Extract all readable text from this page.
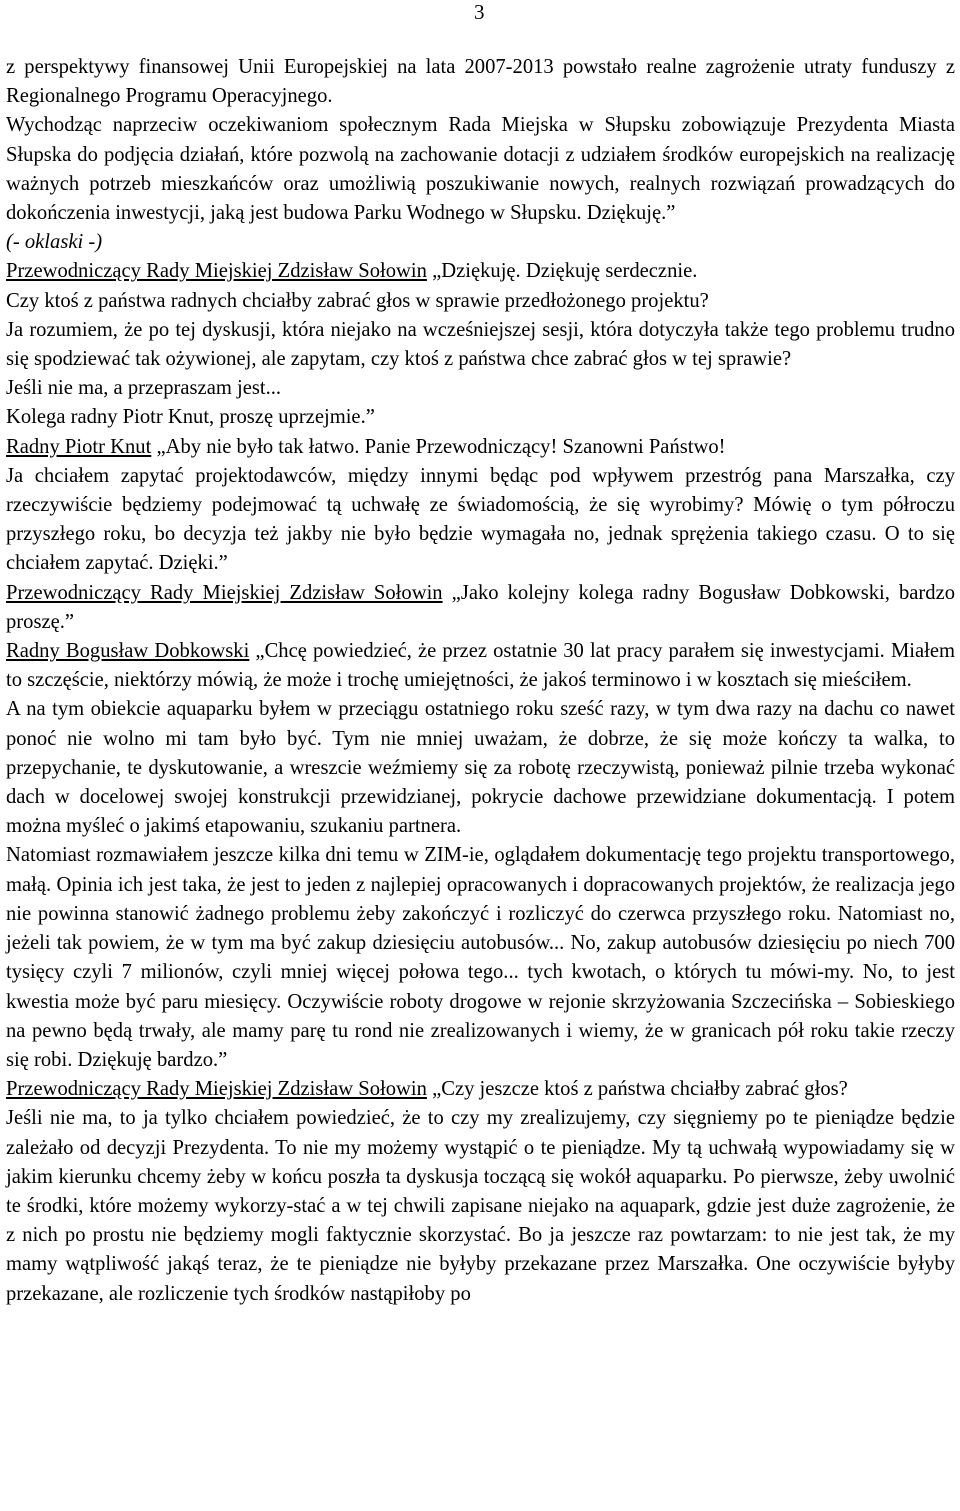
3

z perspektywy finansowej Unii Europejskiej na lata 2007-2013 powstało realne zagrożenie utraty funduszy z Regionalnego Programu Operacyjnego.

Wychodząc naprzeciw oczekiwaniom społecznym Rada Miejska w Słupsku zobowiązuje Prezydenta Miasta Słupska do podjęcia działań, które pozwolą na zachowanie dotacji z udziałem środków europejskich na realizację ważnych potrzeb mieszkańców oraz umożliwią poszukiwanie nowych, realnych rozwiązań prowadzących do dokończenia inwestycji, jaką jest budowa Parku Wodnego w Słupsku. Dziękuję.”

(- oklaski -)

Przewodniczący Rady Miejskiej Zdzisław Sołowin „Dziękuję. Dziękuję serdecznie.

Czy ktoś z państwa radnych chciałby zabrać głos w sprawie przedłożonego projektu?

Ja rozumiem, że po tej dyskusji, która niejako na wcześniejszej sesji, która dotyczyła także tego problemu trudno się spodziewać tak ożywionej, ale zapytam, czy ktoś z państwa chce zabrać głos w tej sprawie?

Jeśli nie ma, a przepraszam jest...

Kolega radny Piotr Knut, proszę uprzejmie.”

Radny Piotr Knut „Aby nie było tak łatwo. Panie Przewodniczący! Szanowni Państwo!

Ja chciałem zapytać projektodawców, między innymi będąc pod wpływem przestróg pana Marszałka, czy rzeczywiście będziemy podejmować tą uchwałę ze świadomością, że się wyrobimy? Mówię o tym półroczu przyszłego roku, bo decyzja też jakby nie było będzie wymagała no, jednak sprężenia takiego czasu. O to się chciałem zapytać. Dzięki.”

Przewodniczący Rady Miejskiej Zdzisław Sołowin „Jako kolejny kolega radny Bogusław Dobkowski, bardzo proszę.”

Radny Bogusław Dobkowski „Chcę powiedzieć, że przez ostatnie 30 lat pracy parałem się inwestycjami. Miałem to szczęście, niektórzy mówią, że może i trochę umiejętności, że jakoś terminowo i w kosztach się mieściłem.

A na tym obiekcie aquaparku byłem w przeciągu ostatniego roku sześć razy, w tym dwa razy na dachu co nawet ponoć nie wolno mi tam było być. Tym nie mniej uważam, że dobrze, że się może kończy ta walka, to przepychanie, te dyskutowanie, a wreszcie weźmiemy się za robotę rzeczywistą, ponieważ pilnie trzeba wykonać dach w docelowej swojej konstrukcji przewidzianej, pokrycie dachowe przewidziane dokumentacją. I potem można myśleć o jakimś etapowaniu, szukaniu partnera.

Natomiast rozmawiałem jeszcze kilka dni temu w ZIM-ie, oglądałem dokumentację tego projektu transportowego, małą. Opinia ich jest taka, że jest to jeden z najlepiej opracowanych i dopracowanych projektów, że realizacja jego nie powinna stanowić żadnego problemu żeby zakończyć i rozliczyć do czerwca przyszłego roku. Natomiast no, jeżeli tak powiem, że w tym ma być zakup dziesięciu autobusów... No, zakup autobusów dziesięciu po niech 700 tysięcy czyli 7 milionów, czyli mniej więcej połowa tego... tych kwotach, o których tu mówi-my. No, to jest kwestia może być paru miesięcy. Oczywiście roboty drogowe w rejonie skrzyżowania Szczecińska – Sobieskiego na pewno będą trwały, ale mamy parę tu rond nie zrealizowanych i wiemy, że w granicach pół roku takie rzeczy się robi. Dziękuję bardzo.”

Przewodniczący Rady Miejskiej Zdzisław Sołowin „Czy jeszcze ktoś z państwa chciałby zabrać głos?

Jeśli nie ma, to ja tylko chciałem powiedzieć, że to czy my zrealizujemy, czy sięgniemy po te pieniądze będzie zależało od decyzji Prezydenta. To nie my możemy wystąpić o te pieniądze. My tą uchwałą wypowiadamy się w jakim kierunku chcemy żeby w końcu poszła ta dyskusja toczącą się wokół aquaparku. Po pierwsze, żeby uwolnić te środki, które możemy wykorzy-stać a w tej chwili zapisane niejako na aquapark, gdzie jest duże zagrożenie, że z nich po prostu nie będziemy mogli faktycznie skorzystać. Bo ja jeszcze raz powtarzam: to nie jest tak, że my mamy wątpliwość jakąś teraz, że te pieniądze nie byłyby przekazane przez Marszałka. One oczywiście byłyby przekazane, ale rozliczenie tych środków nastąpiłoby po
